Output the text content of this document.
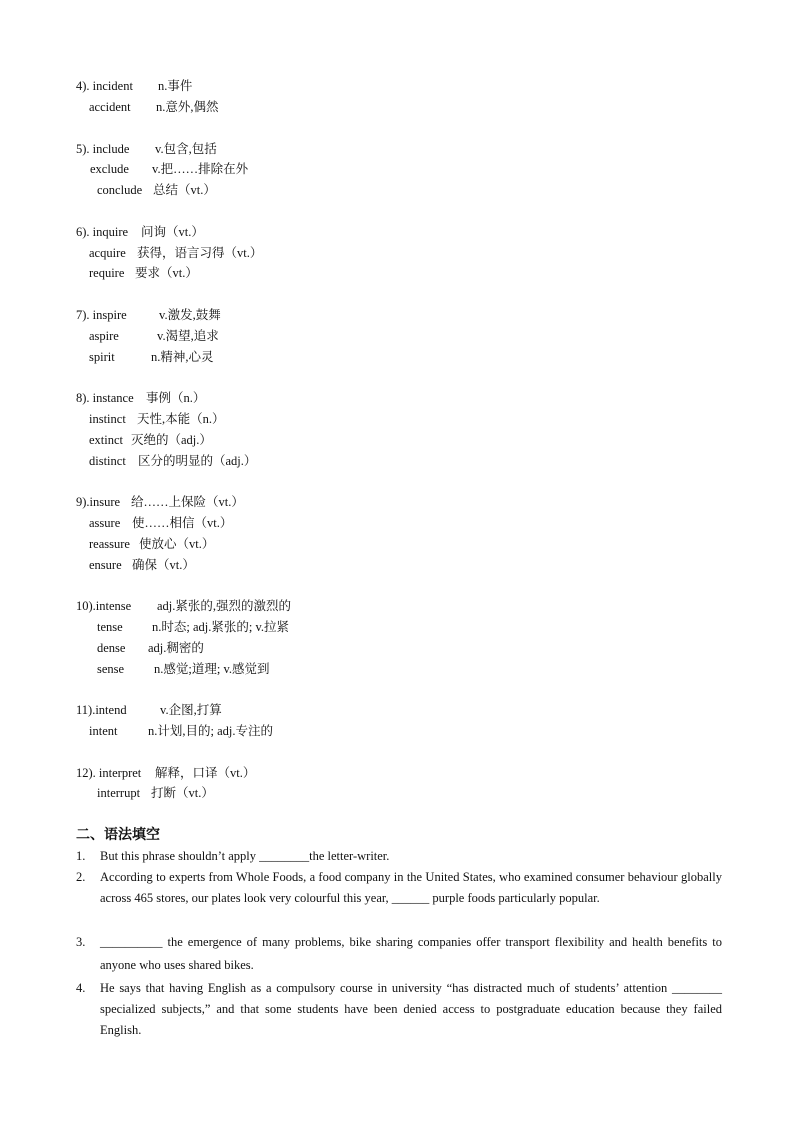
4). incident n.事件
accident n.意外,偶然
5). include v.包含,包括
exclude v.把……排除在外
conclude 总结（vt.）
6). inquire 问询（vt.）
acquire 获得，语言习得（vt.）
require 要求（vt.）
7). inspire	v.激发,鼓舞
aspire	v.渴望,追求
spirit	n.精神,心灵
8). instance 事例（n.）
instinct 天性,本能（n.）
extinct 灭绝的（adj.）
distinct 区分的明显的（adj.）
9).insure 给……上保险（vt.）
assure 使……相信（vt.）
reassure 使放心（vt.）
ensure 确保（vt.）
10).intense adj.紧张的,强烈的激烈的
tense n.时态; adj.紧张的; v.拉紧
dense adj.稠密的
sense n.感觉;道理; v.感觉到
11).intend	v.企图,打算
intent n.计划,目的; adj.专注的
12). interpret 解释，口译（vt.）
interrupt 打断（vt.）
二、语法填空
1. But this phrase shouldn’t apply ________the letter-writer.
2. According to experts from Whole Foods, a food company in the United States, who examined consumer behaviour globally across 465 stores, our plates look very colourful this year, ______ purple foods particularly popular.
3. __________ the emergence of many problems, bike sharing companies offer transport flexibility and health benefits to anyone who uses shared bikes.
4. He says that having English as a compulsory course in university “has distracted much of students’ attention ________ specialized subjects,” and that some students have been denied access to postgraduate education because they failed English.
